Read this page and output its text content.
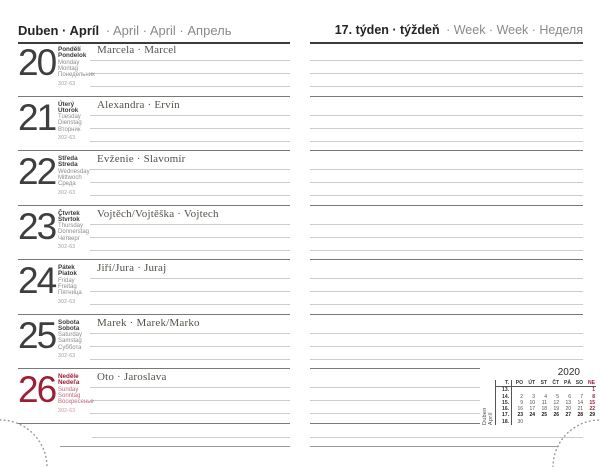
Duben · Apríl · April · April · Апрель
20 Pondělí
Pondelok
Monday
Montag
Понедельник
302-63
Marcela · Marcel
21 Úterý
Utorok
Tuesday
Dienstag
Вторник
302-63
Alexandra · Ervín
22 Středa
Streda
Wednesday
Mittwoch
Среда
302-63
Evženie · Slavomír
23 Čtvrtek
Štvrtok
Thursday
Donnerstag
Четверг
302-63
Vojtěch/Vojtěška · Vojtech
24 Pátek
Piatok
Friday
Freitag
Пятница
302-63
Jiří/Jura · Juraj
25 Sobota
Sobota
Saturday
Samstag
Суббота
302-63
Marek · Marek/Marko
26 Neděle
Nedeľa
Sunday
Sonntag
Воскресенье
302-63
Oto · Jaroslava
17. týden · týždeň · Week · Week · Неделя
2020
Duben Apríl
T.	PO	ÚT	ST	ČT	PÁ	SO	NE
13.							1
14.	2	3	4	5	6	7	8
15.	9	10	11	12	13	14	15
16.	16	17	18	19	20	21	22
17.	23	24	25	26	27	28	29
18.	30						
